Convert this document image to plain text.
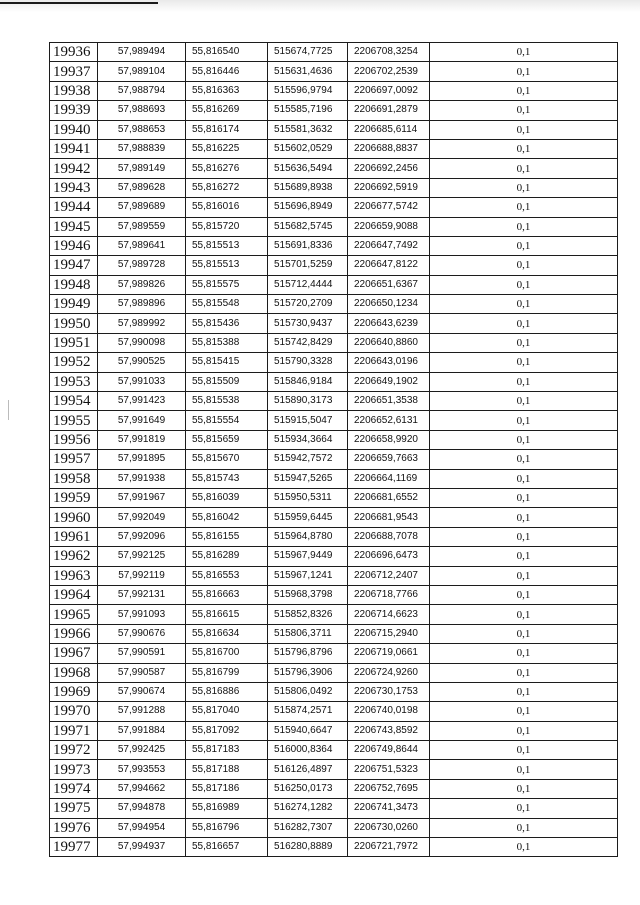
19936	57,989494	55,816540	515674,7725	2206708,3254	0,1
19937	57,989104	55,816446	515631,4636	2206702,2539	0,1
19938	57,988794	55,816363	515596,9794	2206697,0092	0,1
19939	57,988693	55,816269	515585,7196	2206691,2879	0,1
19940	57,988653	55,816174	515581,3632	2206685,6114	0,1
19941	57,988839	55,816225	515602,0529	2206688,8837	0,1
19942	57,989149	55,816276	515636,5494	2206692,2456	0,1
19943	57,989628	55,816272	515689,8938	2206692,5919	0,1
19944	57,989689	55,816016	515696,8949	2206677,5742	0,1
19945	57,989559	55,815720	515682,5745	2206659,9088	0,1
19946	57,989641	55,815513	515691,8336	2206647,7492	0,1
19947	57,989728	55,815513	515701,5259	2206647,8122	0,1
19948	57,989826	55,815575	515712,4444	2206651,6367	0,1
19949	57,989896	55,815548	515720,2709	2206650,1234	0,1
19950	57,989992	55,815436	515730,9437	2206643,6239	0,1
19951	57,990098	55,815388	515742,8429	2206640,8860	0,1
19952	57,990525	55,815415	515790,3328	2206643,0196	0,1
19953	57,991033	55,815509	515846,9184	2206649,1902	0,1
19954	57,991423	55,815538	515890,3173	2206651,3538	0,1
19955	57,991649	55,815554	515915,5047	2206652,6131	0,1
19956	57,991819	55,815659	515934,3664	2206658,9920	0,1
19957	57,991895	55,815670	515942,7572	2206659,7663	0,1
19958	57,991938	55,815743	515947,5265	2206664,1169	0,1
19959	57,991967	55,816039	515950,5311	2206681,6552	0,1
19960	57,992049	55,816042	515959,6445	2206681,9543	0,1
19961	57,992096	55,816155	515964,8780	2206688,7078	0,1
19962	57,992125	55,816289	515967,9449	2206696,6473	0,1
19963	57,992119	55,816553	515967,1241	2206712,2407	0,1
19964	57,992131	55,816663	515968,3798	2206718,7766	0,1
19965	57,991093	55,816615	515852,8326	2206714,6623	0,1
19966	57,990676	55,816634	515806,3711	2206715,2940	0,1
19967	57,990591	55,816700	515796,8796	2206719,0661	0,1
19968	57,990587	55,816799	515796,3906	2206724,9260	0,1
19969	57,990674	55,816886	515806,0492	2206730,1753	0,1
19970	57,991288	55,817040	515874,2571	2206740,0198	0,1
19971	57,991884	55,817092	515940,6647	2206743,8592	0,1
19972	57,992425	55,817183	516000,8364	2206749,8644	0,1
19973	57,993553	55,817188	516126,4897	2206751,5323	0,1
19974	57,994662	55,817186	516250,0173	2206752,7695	0,1
19975	57,994878	55,816989	516274,1282	2206741,3473	0,1
19976	57,994954	55,816796	516282,7307	2206730,0260	0,1
19977	57,994937	55,816657	516280,8889	2206721,7972	0,1
